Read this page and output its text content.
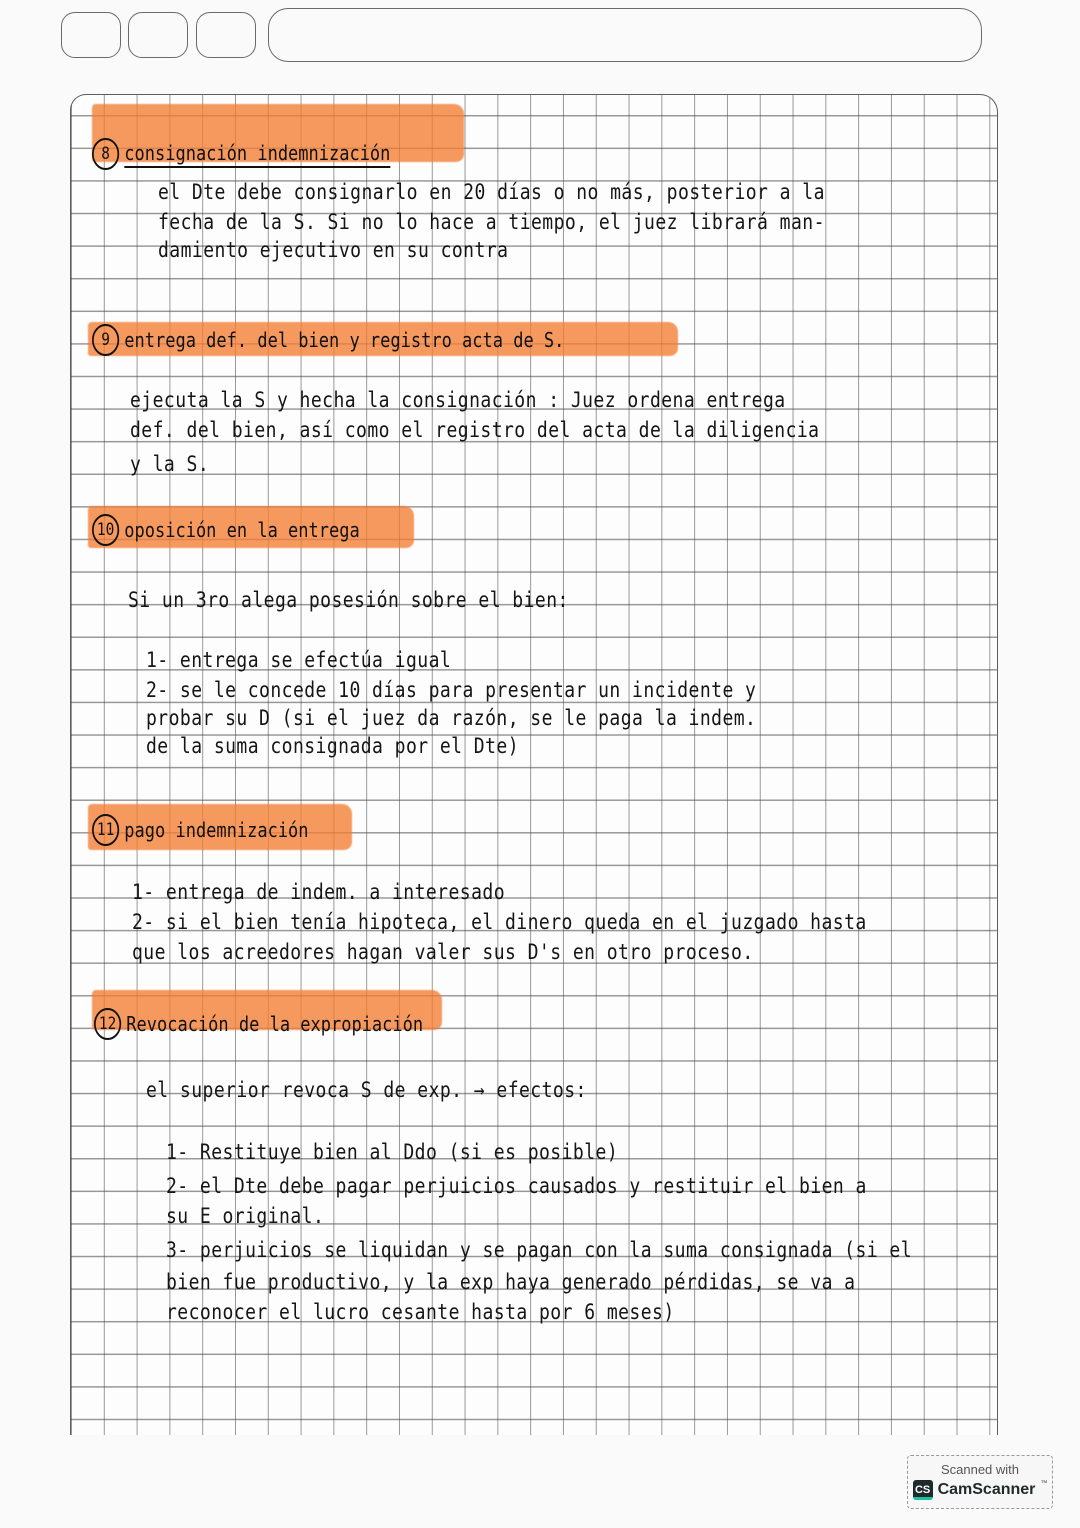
8 consignación indemnización
el Dte debe consignarlo en 20 días o no más, posterior a la
fecha de la S. Si no lo hace a tiempo, el juez librará man-
damiento ejecutivo en su contra
9 entrega def. del bien y registro acta de S.
ejecuta la S y hecha la consignación : Juez ordena entrega
def. del bien, así como el registro del acta de la diligencia
y la S.
10 oposición en la entrega
Si un 3ro alega posesión sobre el bien:
1- entrega se efectúa igual
2- se le concede 10 días para presentar un incidente y
probar su D (si el juez da razón, se le paga la indem.
de la suma consignada por el Dte)
11 pago indemnización
1- entrega de indem. a interesado
2- si el bien tenía hipoteca, el dinero queda en el juzgado hasta
que los acreedores hagan valer sus D's en otro proceso.
12 Revocación de la expropiación
el superior revoca S de exp. → efectos:
1- Restituye bien al Ddo (si es posible)
2- el Dte debe pagar perjuicios causados y restituir el bien a
su E original.
3- perjuicios se liquidan y se pagan con la suma consignada (si el
bien fue productivo, y la exp haya generado pérdidas, se va a
reconocer el lucro cesante hasta por 6 meses)
Scanned with
CS CamScanner ™
